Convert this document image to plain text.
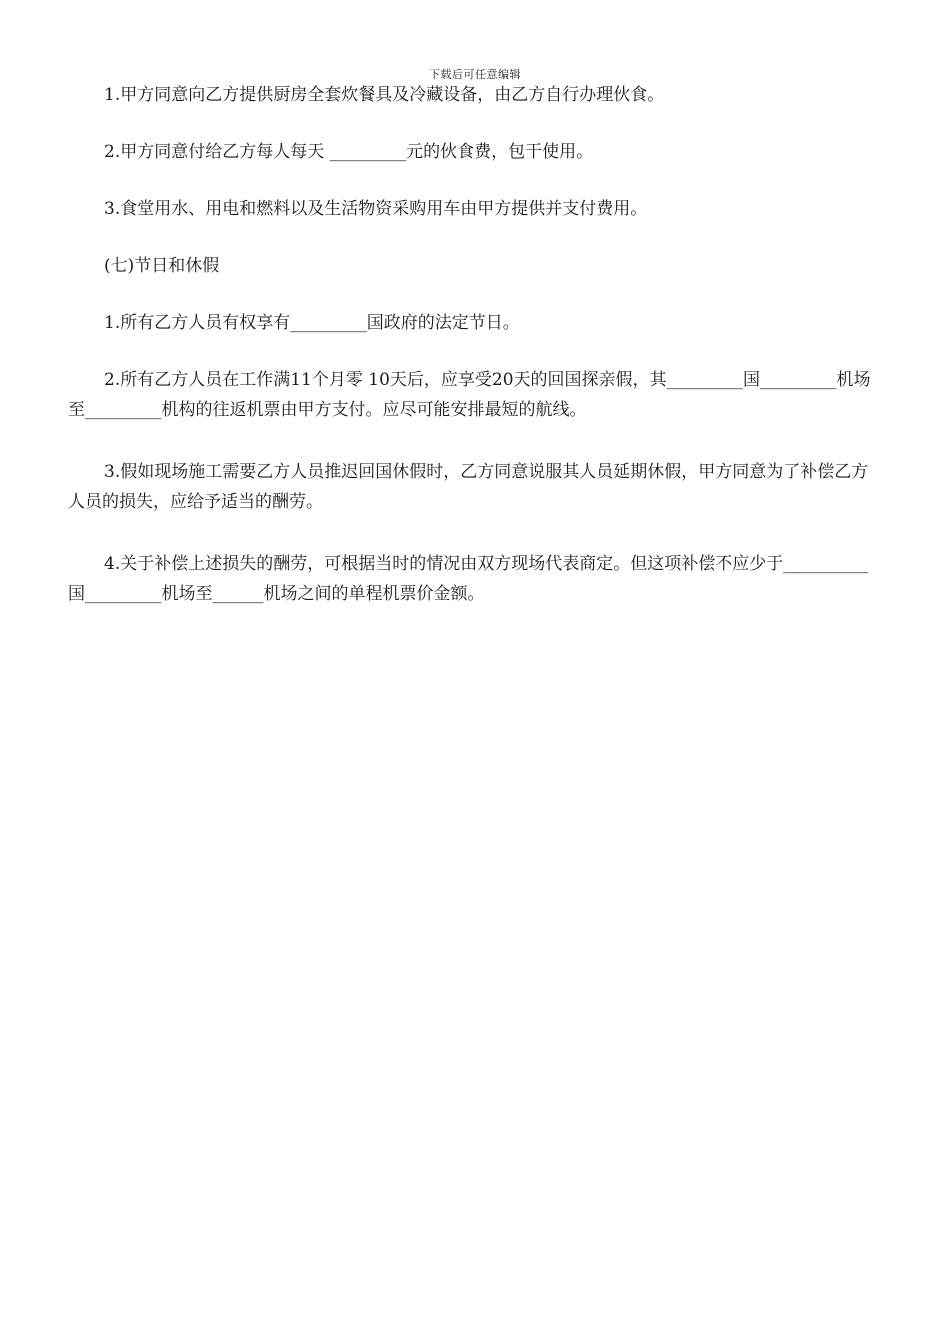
下载后可任意编辑
1.甲方同意向乙方提供厨房全套炊餐具及冷藏设备，由乙方自行办理伙食。
2.甲方同意付给乙方每人每天 _________元的伙食费，包干使用。
3.食堂用水、用电和燃料以及生活物资采购用车由甲方提供并支付费用。
(七)节日和休假
1.所有乙方人员有权享有_________国政府的法定节日。
2.所有乙方人员在工作满11个月零 10天后，应享受20天的回国探亲假，其_________国_________机场至_________机构的往返机票由甲方支付。应尽可能安排最短的航线。
3.假如现场施工需要乙方人员推迟回国休假时，乙方同意说服其人员延期休假，甲方同意为了补偿乙方人员的损失，应给予适当的酬劳。
4.关于补偿上述损失的酬劳，可根据当时的情况由双方现场代表商定。但这项补偿不应少于__________国_________机场至______机场之间的单程机票价金额。
